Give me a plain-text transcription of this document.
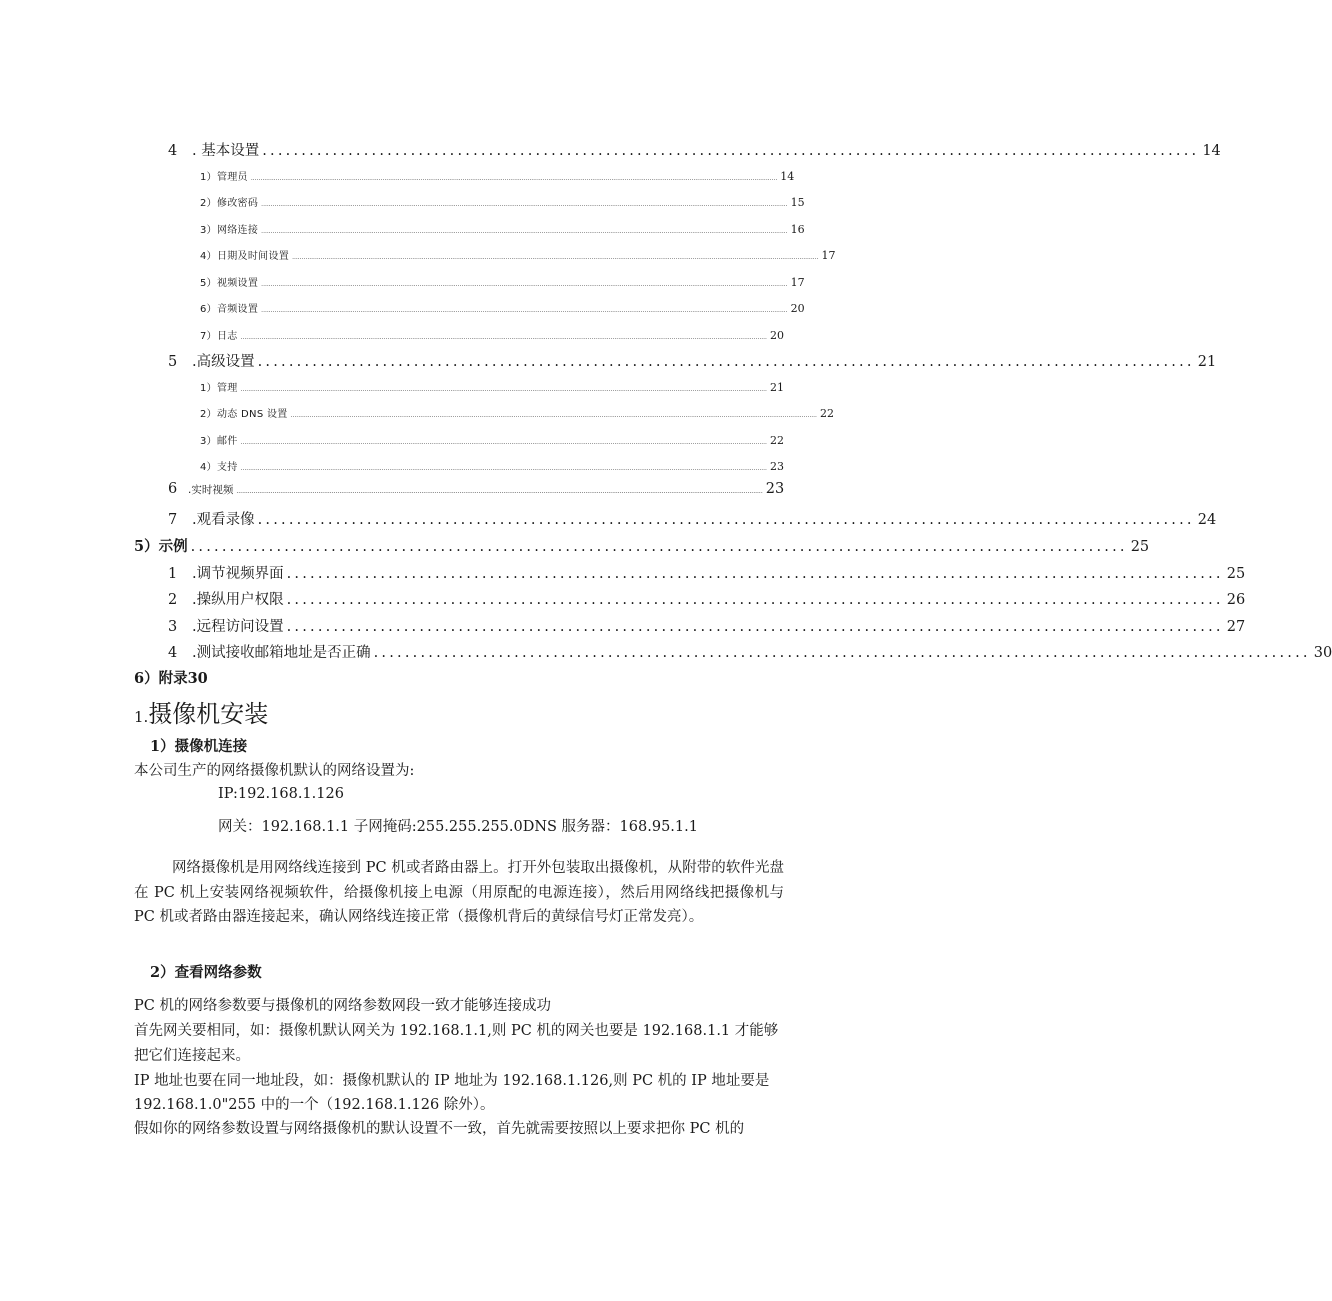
4 . 基本设置 ........................................................................................................................ 14
1）管理员 .................................................................................................................................................................................................................................................................................... 14
2）修改密码 .................................................................................................................................................................................................................................................................................... 15
3）网络连接 .................................................................................................................................................................................................................................................................................... 16
4）日期及时间设置 .................................................................................................................................................................................................................................................................................... 17
5）视频设置 .................................................................................................................................................................................................................................................................................... 17
6）音频设置 .................................................................................................................................................................................................................................................................................... 20
7）日志 .................................................................................................................................................................................................................................................................................... 20
5 .高级设置 ........................................................................................................................ 21
1）管理 .................................................................................................................................................................................................................................................................................... 21
2）动态 DNS 设置 .................................................................................................................................................................................................................................................................................... 22
3）邮件 .................................................................................................................................................................................................................................................................................... 22
4）支持 .................................................................................................................................................................................................................................................................................... 23
6 .实时视频 .................................................................................................................................................................................................................................................................................... 23
7 .观看录像 ........................................................................................................................ 24
5）示例 ........................................................................................................................ 25
1 .调节视频界面 ........................................................................................................................ 25
2 .操纵用户权限 ........................................................................................................................ 26
3 .远程访问设置 ........................................................................................................................ 27
4 .测试接收邮箱地址是否正确 ........................................................................................................................ 30
6）附录30
1.摄像机安装
1）摄像机连接
本公司生产的网络摄像机默认的网络设置为:
IP:192.168.1.126
网关：192.168.1.1 子网掩码:255.255.255.0DNS 服务器：168.95.1.1
网络摄像机是用网络线连接到 PC 机或者路由器上。打开外包装取出摄像机，从附带的软件光盘在 PC 机上安装网络视频软件，给摄像机接上电源（用原配的电源连接），然后用网络线把摄像机与 PC 机或者路由器连接起来，确认网络线连接正常（摄像机背后的黄绿信号灯正常发亮）。
2）查看网络参数
PC 机的网络参数要与摄像机的网络参数网段一致才能够连接成功
首先网关要相同，如：摄像机默认网关为 192.168.1.1,则 PC 机的网关也要是 192.168.1.1 才能够
把它们连接起来。
IP 地址也要在同一地址段，如：摄像机默认的 IP 地址为 192.168.1.126,则 PC 机的 IP 地址要是
192.168.1.0"255 中的一个（192.168.1.126 除外）。
假如你的网络参数设置与网络摄像机的默认设置不一致，首先就需要按照以上要求把你 PC 机的
